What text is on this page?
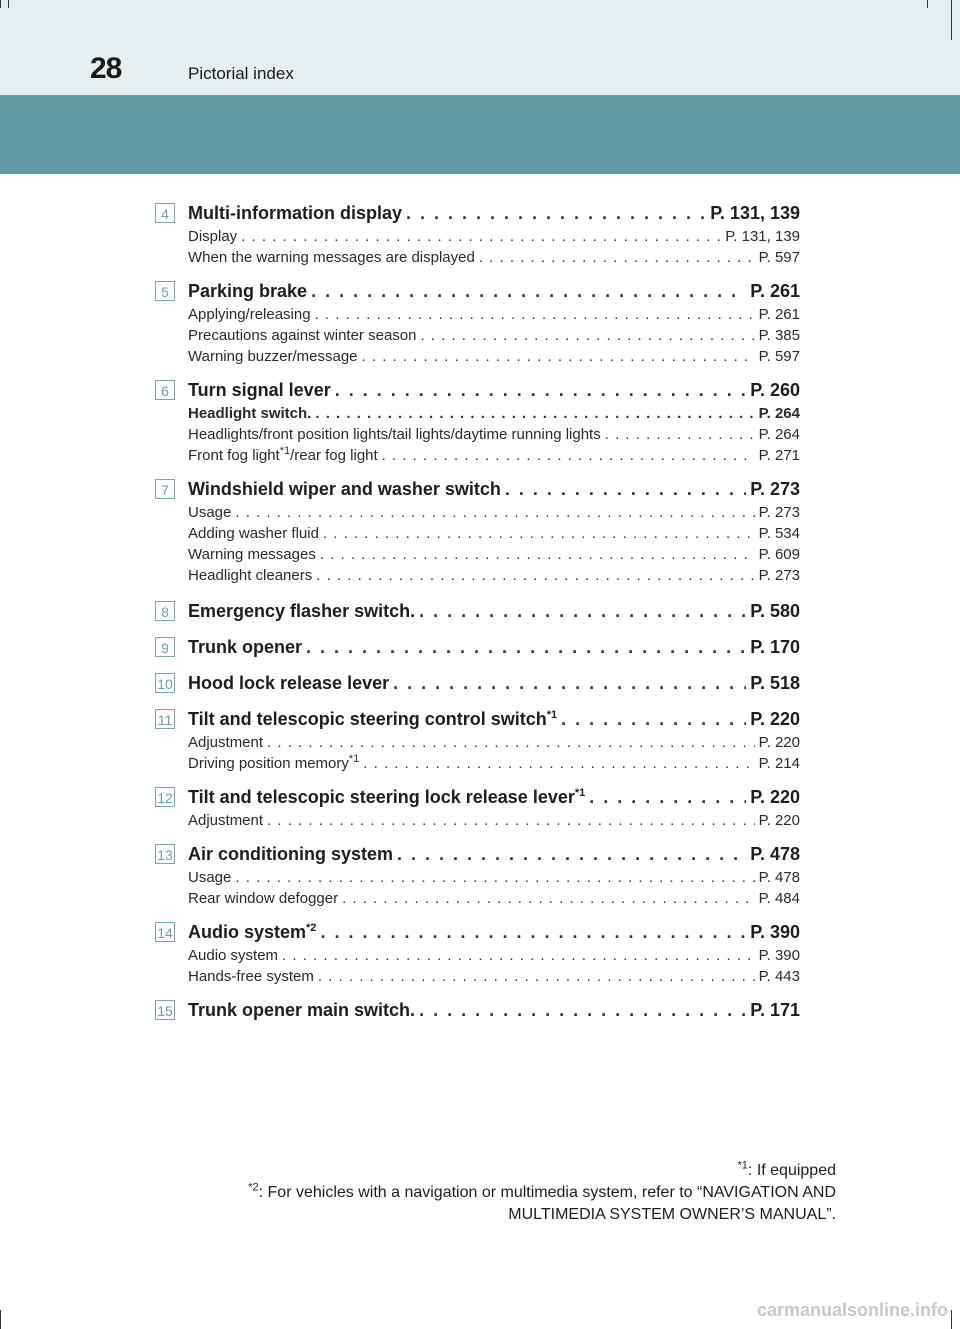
28	Pictorial index
4	Multi-information display . . .	P. 131, 139
Display . . .	P. 131, 139
When the warning messages are displayed . . .	P. 597
5	Parking brake . . .	P. 261
Applying/releasing . . .	P. 261
Precautions against winter season . . .	P. 385
Warning buzzer/message . . .	P. 597
6	Turn signal lever . . .	P. 260
Headlight switch. . . .	P. 264
Headlights/front position lights/tail lights/daytime running lights . . .	P. 264
Front fog light$^{*1}$/rear fog light . . .	P. 271
7	Windshield wiper and washer switch . . .	P. 273
Usage . . .	P. 273
Adding washer fluid . . .	P. 534
Warning messages . . .	P. 609
Headlight cleaners . . .	P. 273
8	Emergency flasher switch. . . .	P. 580
9	Trunk opener . . .	P. 170
10 Hood lock release lever . . .	P. 518
11 Tilt and telescopic steering control switch$^{*1}$ . . .	P. 220
Adjustment . . .	P. 220
Driving position memory$^{*1}$ . . .	P. 214
12 Tilt and telescopic steering lock release lever$^{*1}$ . . .	P. 220
Adjustment . . .	P. 220
13 Air conditioning system . . .	P. 478
Usage . . .	P. 478
Rear window defogger . . .	P. 484
14 Audio system$^{*2}$ . . .	P. 390
Audio system . . .	P. 390
Hands-free system . . .	P. 443
15 Trunk opener main switch. . . .	P. 171
$^{*1}$: If equipped
$^{*2}$: For vehicles with a navigation or multimedia system, refer to “NAVIGATION AND
MULTIMEDIA SYSTEM OWNER’S MANUAL”.
carmanualsonline.info
